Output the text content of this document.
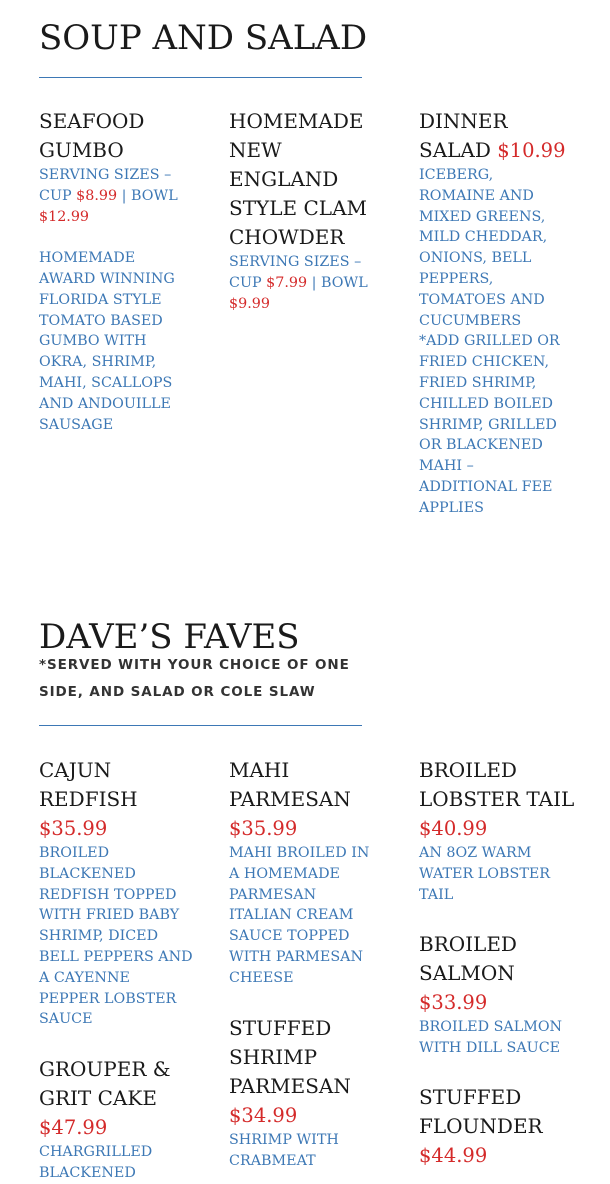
SOUP AND SALAD
SEAFOOD GUMBO
SERVING SIZES – CUP $8.99 | BOWL $12.99
HOMEMADE AWARD WINNING FLORIDA STYLE TOMATO BASED GUMBO WITH OKRA, SHRIMP, MAHI, SCALLOPS AND ANDOUILLE SAUSAGE
HOMEMADE NEW ENGLAND STYLE CLAM CHOWDER
SERVING SIZES – CUP $7.99 | BOWL $9.99
DINNER SALAD $10.99
ICEBERG, ROMAINE AND MIXED GREENS, MILD CHEDDAR, ONIONS, BELL PEPPERS, TOMATOES AND CUCUMBERS
*ADD GRILLED OR FRIED CHICKEN, FRIED SHRIMP, CHILLED BOILED SHRIMP, GRILLED OR BLACKENED MAHI – ADDITIONAL FEE APPLIES
DAVE’S FAVES
*SERVED WITH YOUR CHOICE OF ONE SIDE, AND SALAD OR COLE SLAW
CAJUN REDFISH
$35.99
BROILED BLACKENED REDFISH TOPPED WITH FRIED BABY SHRIMP, DICED BELL PEPPERS AND A CAYENNE PEPPER LOBSTER SAUCE
GROUPER & GRIT CAKE
$47.99
CHARGRILLED BLACKENED
MAHI PARMESAN
$35.99
MAHI BROILED IN A HOMEMADE PARMESAN ITALIAN CREAM SAUCE TOPPED WITH PARMESAN CHEESE
STUFFED SHRIMP PARMESAN
$34.99
SHRIMP WITH CRABMEAT
BROILED LOBSTER TAIL
$40.99
AN 8OZ WARM WATER LOBSTER TAIL
BROILED SALMON
$33.99
BROILED SALMON WITH DILL SAUCE
STUFFED FLOUNDER
$44.99
